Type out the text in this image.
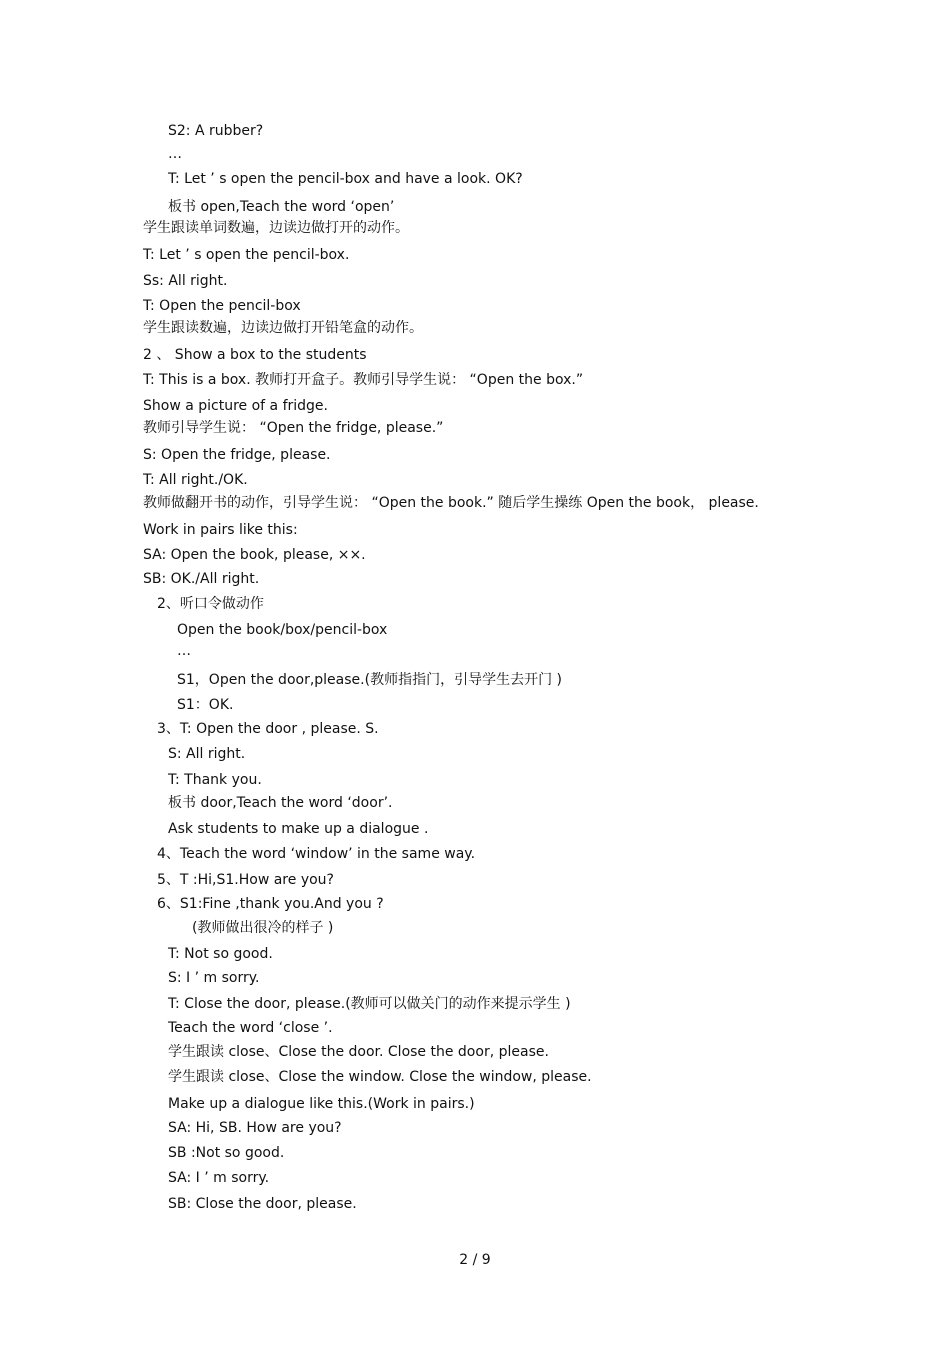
S2: A rubber?
…
T: Let ’ s open the pencil-box and have a look. OK?
板书 open,Teach the word ‘open’
学生跟读单词数遍，边读边做打开的动作。
T: Let ’ s open the pencil-box.
Ss: All right.
T: Open the pencil-box
学生跟读数遍，边读边做打开铅笔盒的动作。
2 、 Show a box to the students
T: This is a box. 教师打开盒子。教师引导学生说： “Open the box.”
Show a picture of a fridge.
教师引导学生说： “Open the fridge, please.”
S: Open the fridge, please.
T: All right./OK.
教师做翻开书的动作，引导学生说： “Open the book.” 随后学生操练 Open the book， please.
Work in pairs like this:
SA: Open the book, please, ××.
SB: OK./All right.
2、听口令做动作
Open the book/box/pencil-box
…
S1，Open the door,please.(教师指指门，引导学生去开门 )
S1：OK.
3、T: Open the door , please. S.
S: All right.
T: Thank you.
板书 door,Teach the word ‘door’.
Ask students to make up a dialogue .
4、Teach the word ‘window’ in the same way.
5、T :Hi,S1.How are you?
6、S1:Fine ,thank you.And you ?
(教师做出很冷的样子 )
T: Not so good.
S: I ’ m sorry.
T: Close the door, please.(教师可以做关门的动作来提示学生 )
Teach the word ‘close ’.
学生跟读 close、Close the door. Close the door, please.
学生跟读 close、Close the window. Close the window, please.
Make up a dialogue like this.(Work in pairs.)
SA: Hi, SB. How are you?
SB :Not so good.
SA: I ’ m sorry.
SB: Close the door, please.
2 / 9
